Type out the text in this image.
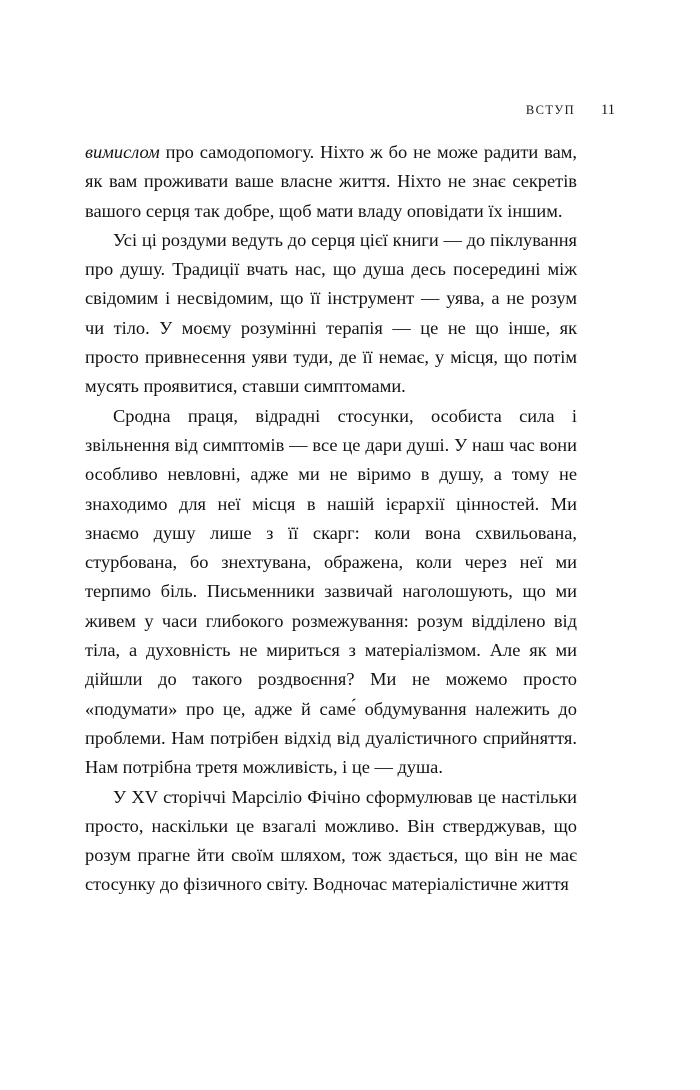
ВСТУП 11

вимислом про самодопомогу. Ніхто ж бо не може радити вам, як вам проживати ваше власне життя. Ніхто не знає секретів вашого серця так добре, щоб мати владу оповідати їх іншим.

Усі ці роздуми ведуть до серця цієї книги — до піклування про душу. Традиції вчать нас, що душа десь посередині між свідомим і несвідомим, що її інструмент — уява, а не розум чи тіло. У моєму розумінні терапія — це не що інше, як просто привнесення уяви туди, де її немає, у місця, що потім мусять проявитися, ставши симптомами.

Сродна праця, відрадні стосунки, особиста сила і звільнення від симптомів — все це дари душі. У наш час вони особливо невловні, адже ми не віримо в душу, а тому не знаходимо для неї місця в нашій ієрархії цінностей. Ми знаємо душу лише з її скарг: коли вона схвильована, стурбована, бо знехтувана, ображена, коли через неї ми терпимо біль. Письменники зазвичай наголошують, що ми живем у часи глибокого розмежування: розум відділено від тіла, а духовність не мириться з матеріалізмом. Але як ми дійшли до такого роздвоєння? Ми не можемо просто «подумати» про це, адже й саме́ обдумування належить до проблеми. Нам потрібен відхід від дуалістичного сприйняття. Нам потрібна третя можливість, і це — душа.

У XV сторіччі Марсіліо Фічіно сформулював це настільки просто, наскільки це взагалі можливо. Він стверджував, що розум прагне йти своїм шляхом, тож здається, що він не має стосунку до фізичного світу. Водночас матеріалістичне життя
